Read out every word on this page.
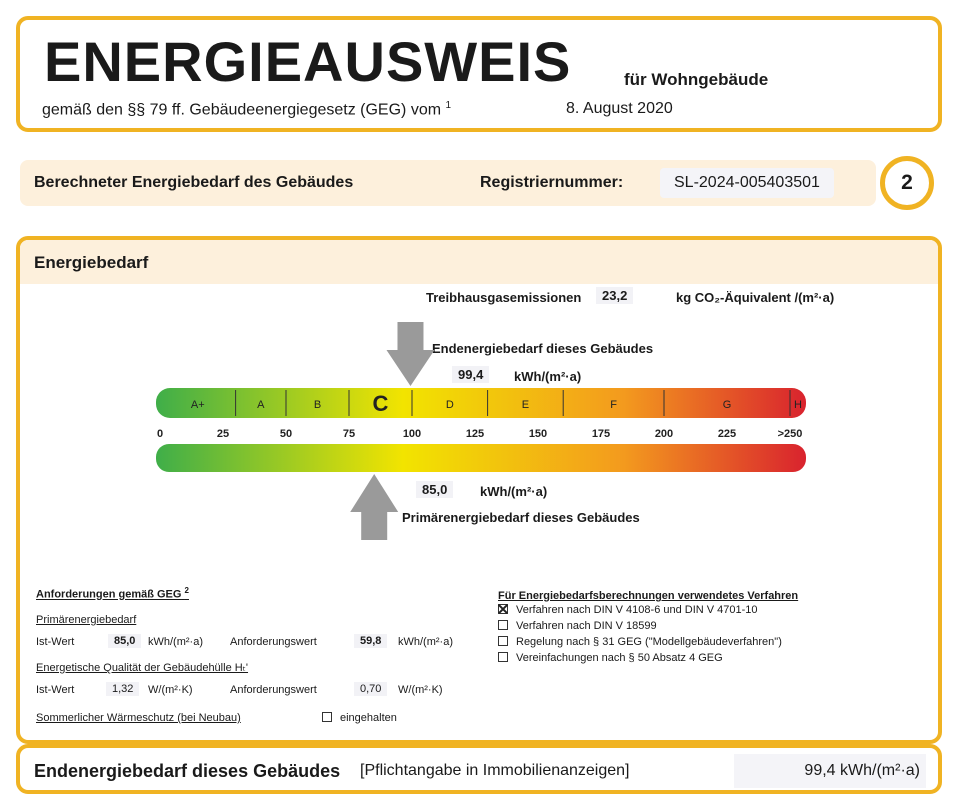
ENERGIEAUSWEIS	für Wohngebäude
gemäß den §§ 79 ff. Gebäudeenergiegesetz (GEG) vom $^1$	8. August 2020
Berechneter Energiebedarf des Gebäudes	Registriernummer:	SL-2024-005403501	2
Energiebedarf
Treibhausgasemissionen	23,2	kg CO₂-Äquivalent /(m²·a)
Endenergiebedarf dieses Gebäudes
99,4	kWh/(m²·a)
85,0	kWh/(m²·a)
Primärenergiebedarf dieses Gebäudes
A+	A	B C	D	E	F	G	H
0	25	50	75	100	125	150	175	200	225	>250
Anforderungen gemäß GEG $^2$
Primärenergiebedarf
Ist-Wert	85,0	kWh/(m²·a) Anforderungswert	59,8	kWh/(m²·a)
Energetische Qualität der Gebäudehülle Hₜ'
Ist-Wert	1,32	W/(m²·K)	Anforderungswert	0,70	W/(m²·K)
Sommerlicher Wärmeschutz (bei Neubau)	eingehalten
Für Energiebedarfsberechnungen verwendetes Verfahren
Verfahren nach DIN V 4108-6 und DIN V 4701-10
Verfahren nach DIN V 18599
Regelung nach § 31 GEG ("Modellgebäudeverfahren")
Vereinfachungen nach § 50 Absatz 4 GEG
Endenergiebedarf dieses Gebäudes [Pflichtangabe in Immobilienanzeigen]	99,4 kWh/(m²·a)
